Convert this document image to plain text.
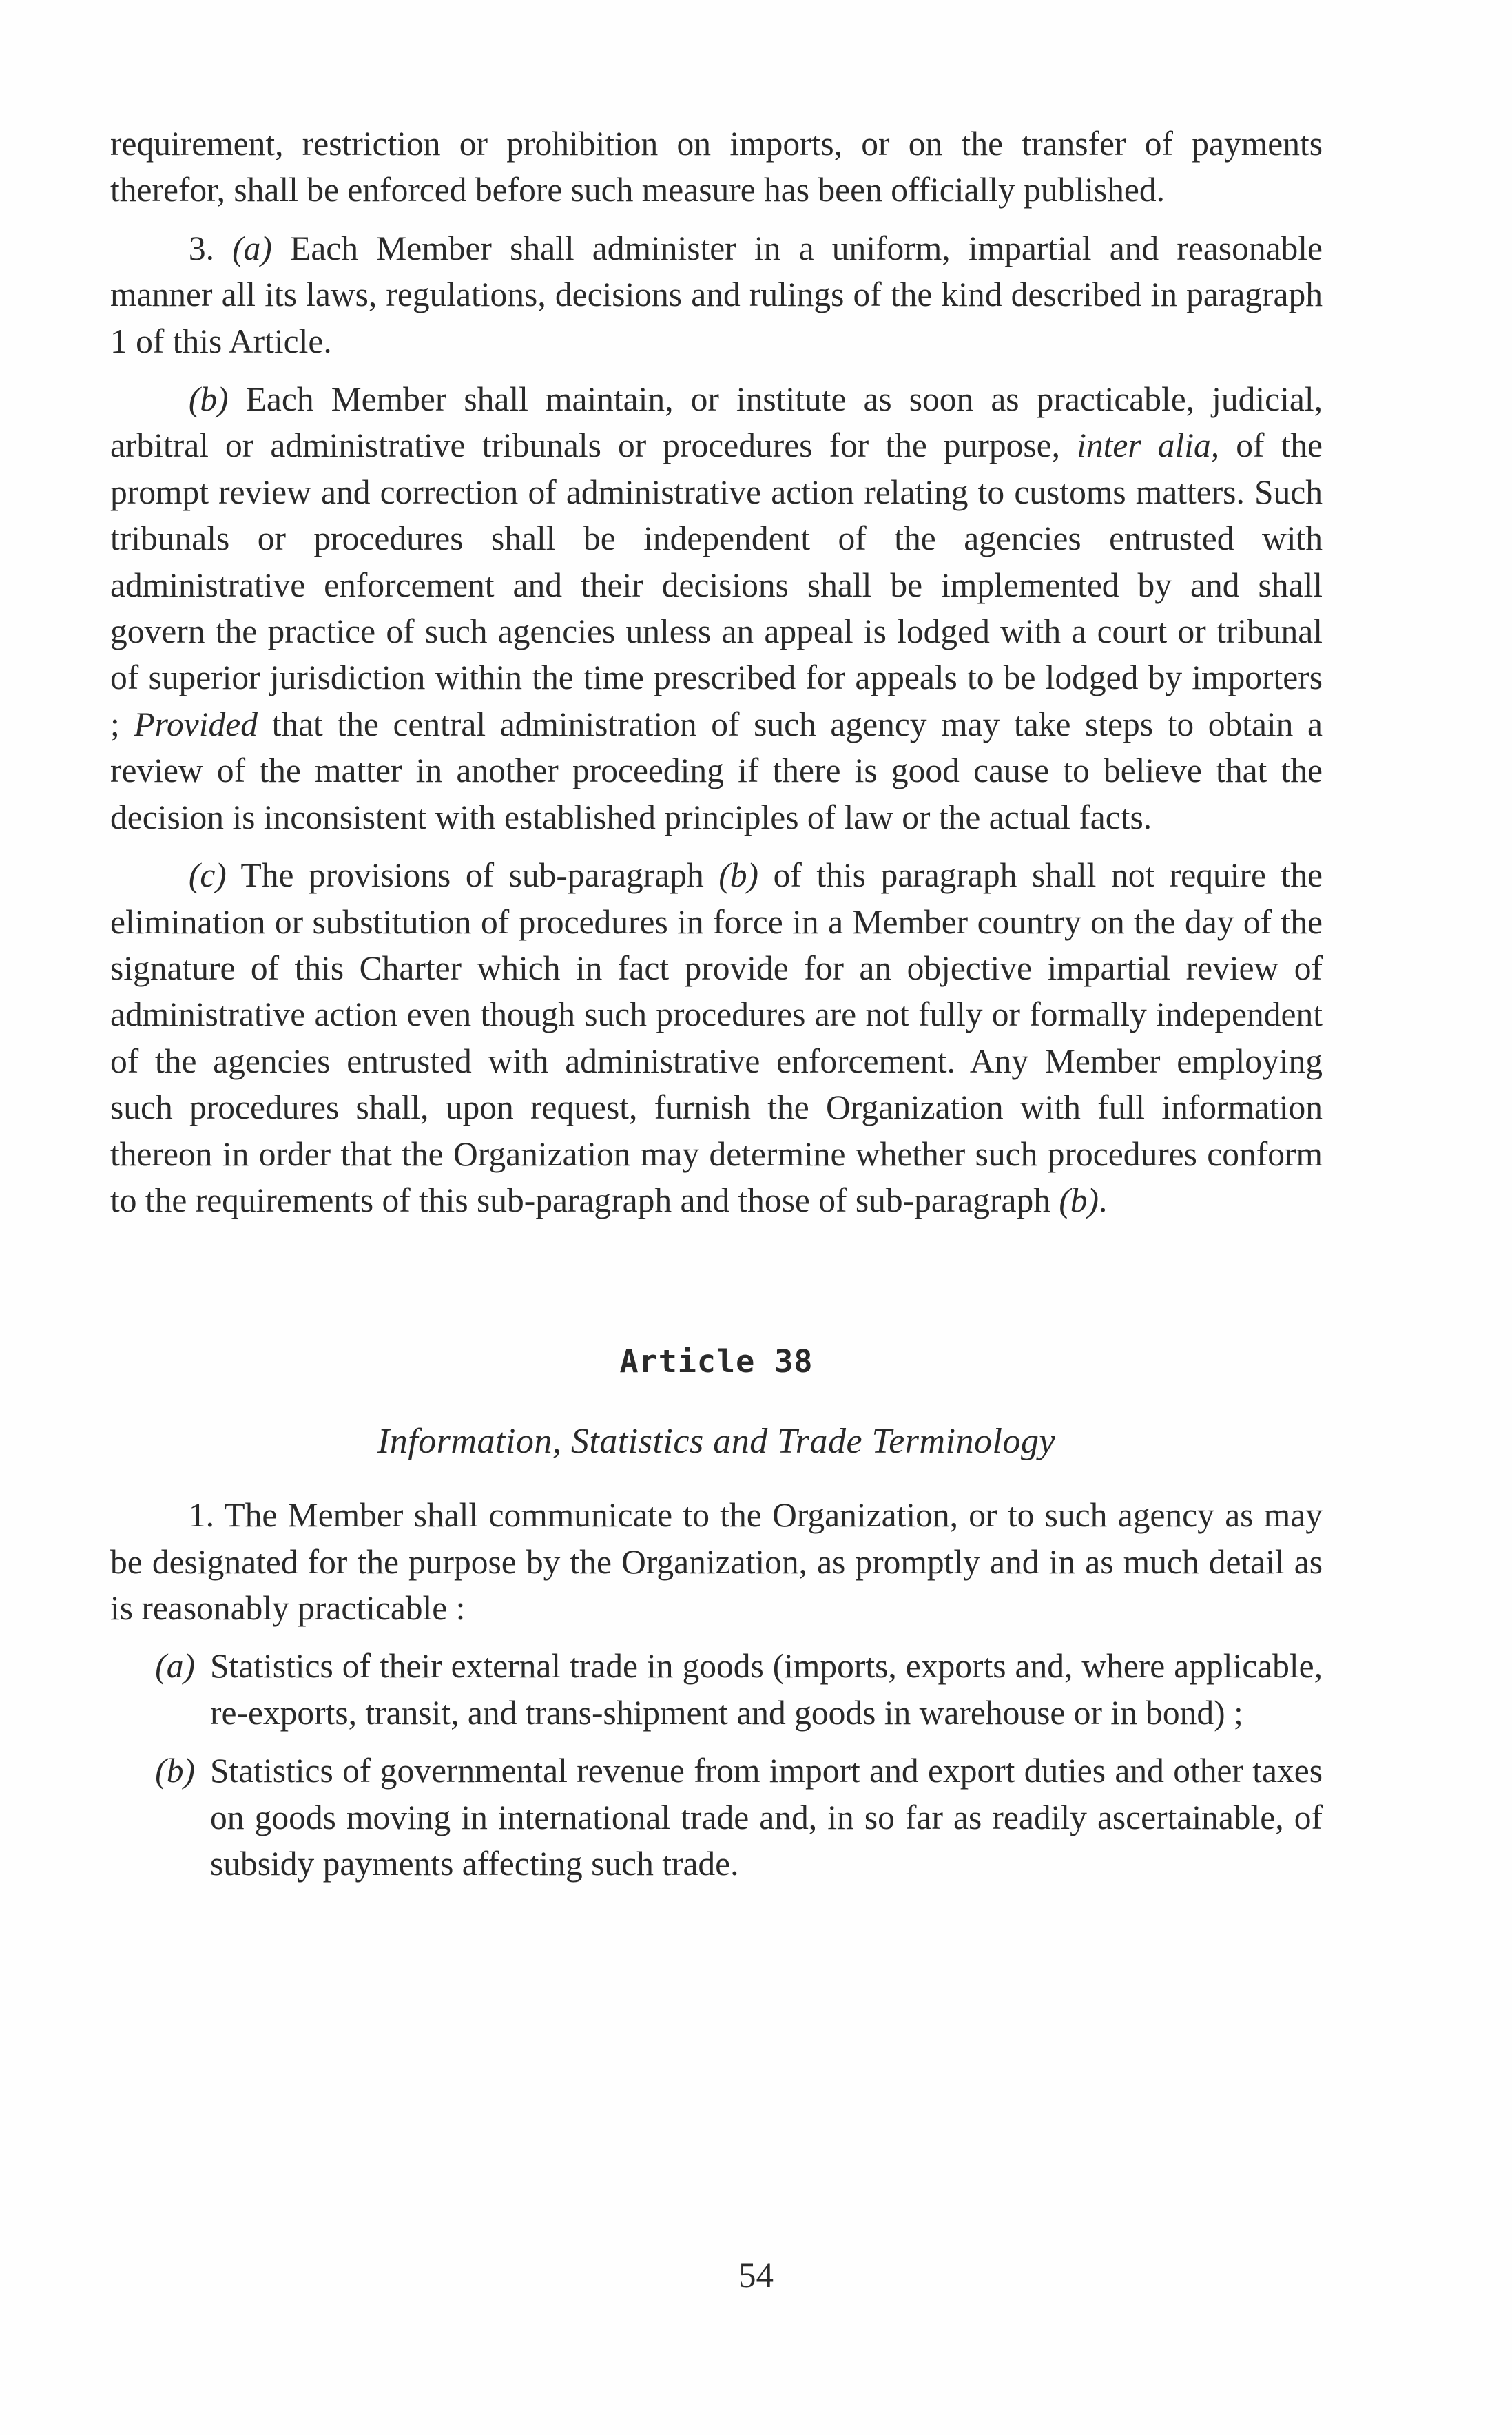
requirement, restriction or prohibition on imports, or on the transfer of payments therefor, shall be enforced before such measure has been officially published.

3. (a) Each Member shall administer in a uniform, impartial and reasonable manner all its laws, regulations, decisions and rulings of the kind described in paragraph 1 of this Article.

(b) Each Member shall maintain, or institute as soon as practicable, judicial, arbitral or administrative tribunals or procedures for the purpose, inter alia, of the prompt review and correction of administrative action relating to customs matters. Such tribunals or procedures shall be independent of the agencies entrusted with administrative enforcement and their decisions shall be implemented by and shall govern the practice of such agencies unless an appeal is lodged with a court or tribunal of superior jurisdiction within the time prescribed for appeals to be lodged by importers ; Provided that the central administration of such agency may take steps to obtain a review of the matter in another proceeding if there is good cause to believe that the decision is inconsistent with established principles of law or the actual facts.

(c) The provisions of sub-paragraph (b) of this paragraph shall not require the elimination or substitution of procedures in force in a Member country on the day of the signature of this Charter which in fact provide for an objective impartial review of administrative action even though such procedures are not fully or formally independent of the agencies entrusted with administrative enforcement. Any Member employing such procedures shall, upon request, furnish the Organization with full information thereon in order that the Organization may determine whether such procedures conform to the requirements of this sub-paragraph and those of sub-paragraph (b).

Article 38
Information, Statistics and Trade Terminology

1. The Member shall communicate to the Organization, or to such agency as may be designated for the purpose by the Organization, as promptly and in as much detail as is reasonably practicable :

(a) Statistics of their external trade in goods (imports, exports and, where applicable, re-exports, transit, and trans-shipment and goods in warehouse or in bond) ;
(b) Statistics of governmental revenue from import and export duties and other taxes on goods moving in international trade and, in so far as readily ascertainable, of subsidy payments affecting such trade.
54
